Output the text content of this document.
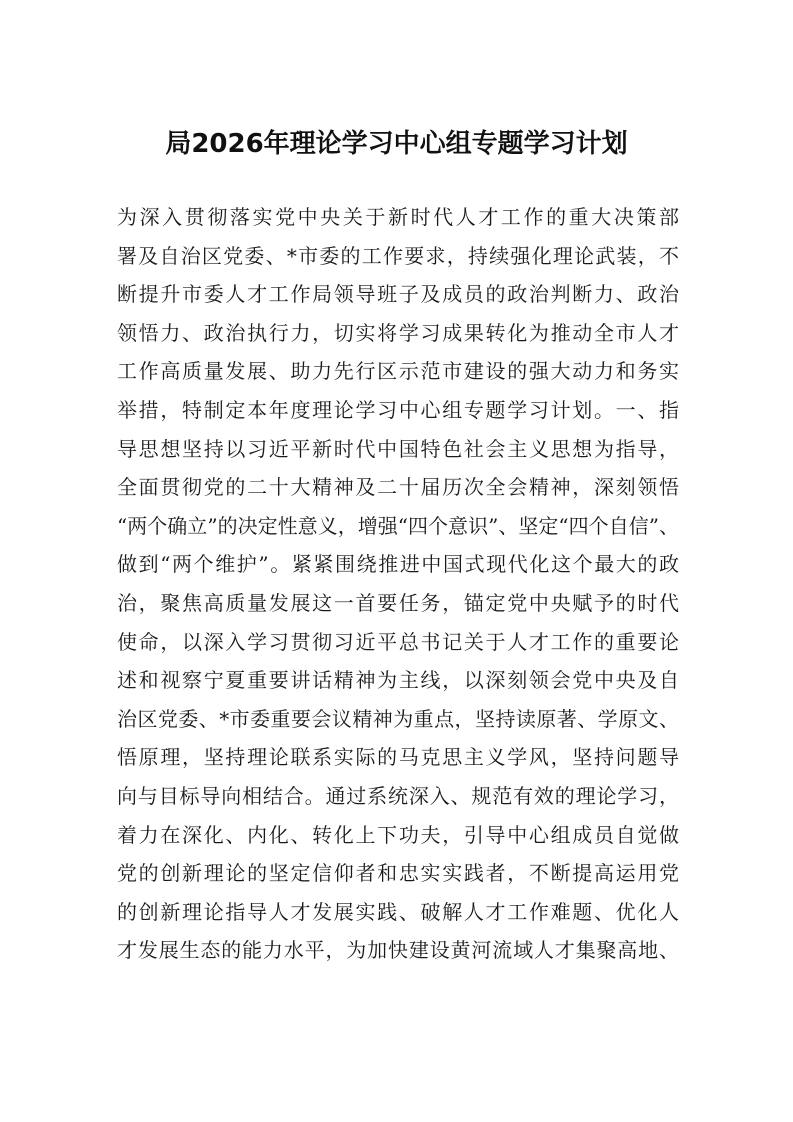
局2026年理论学习中心组专题学习计划
为深入贯彻落实党中央关于新时代人才工作的重大决策部
署及自治区党委、*市委的工作要求，持续强化理论武装，不
断提升市委人才工作局领导班子及成员的政治判断力、政治
领悟力、政治执行力，切实将学习成果转化为推动全市人才
工作高质量发展、助力先行区示范市建设的强大动力和务实
举措，特制定本年度理论学习中心组专题学习计划。一、指
导思想坚持以习近平新时代中国特色社会主义思想为指导，
全面贯彻党的二十大精神及二十届历次全会精神，深刻领悟
“两个确立”的决定性意义，增强“四个意识”、坚定“四个自信”、
做到“两个维护”。紧紧围绕推进中国式现代化这个最大的政
治，聚焦高质量发展这一首要任务，锚定党中央赋予的时代
使命，以深入学习贯彻习近平总书记关于人才工作的重要论
述和视察宁夏重要讲话精神为主线，以深刻领会党中央及自
治区党委、*市委重要会议精神为重点，坚持读原著、学原文、
悟原理，坚持理论联系实际的马克思主义学风，坚持问题导
向与目标导向相结合。通过系统深入、规范有效的理论学习，
着力在深化、内化、转化上下功夫，引导中心组成员自觉做
党的创新理论的坚定信仰者和忠实实践者，不断提高运用党
的创新理论指导人才发展实践、破解人才工作难题、优化人
才发展生态的能力水平，为加快建设黄河流域人才集聚高地、
